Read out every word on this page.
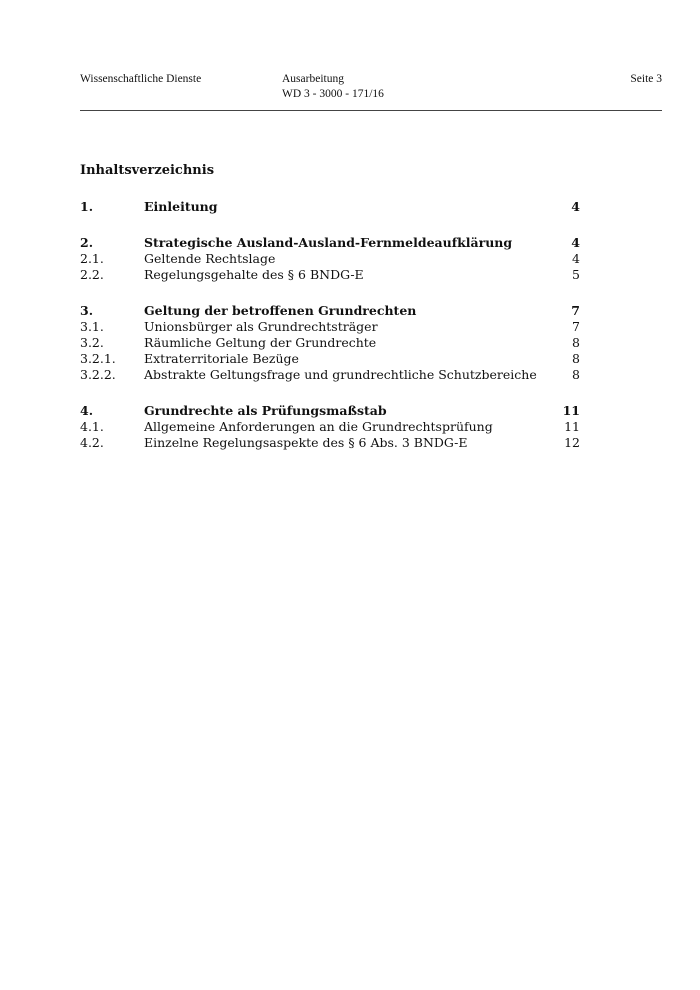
Wissenschaftliche Dienste	Ausarbeitung
WD 3 - 3000 - 171/16
Seite 3
Inhaltsverzeichnis
1.	Einleitung	4
2.	Strategische Ausland-Ausland-Fernmeldeaufklärung	4
2.1.	Geltende Rechtslage	4
2.2.	Regelungsgehalte des § 6 BNDG-E	5
3.	Geltung der betroffenen Grundrechten	7
3.1.	Unionsbürger als Grundrechtsträger	7
3.2.	Räumliche Geltung der Grundrechte	8
3.2.1. Extraterritoriale Bezüge	8
3.2.2. Abstrakte Geltungsfrage und grundrechtliche Schutzbereiche	8
4.	Grundrechte als Prüfungsmaßstab	11
4.1.	Allgemeine Anforderungen an die Grundrechtsprüfung	11
4.2.	Einzelne Regelungsaspekte des § 6 Abs. 3 BNDG-E	12
